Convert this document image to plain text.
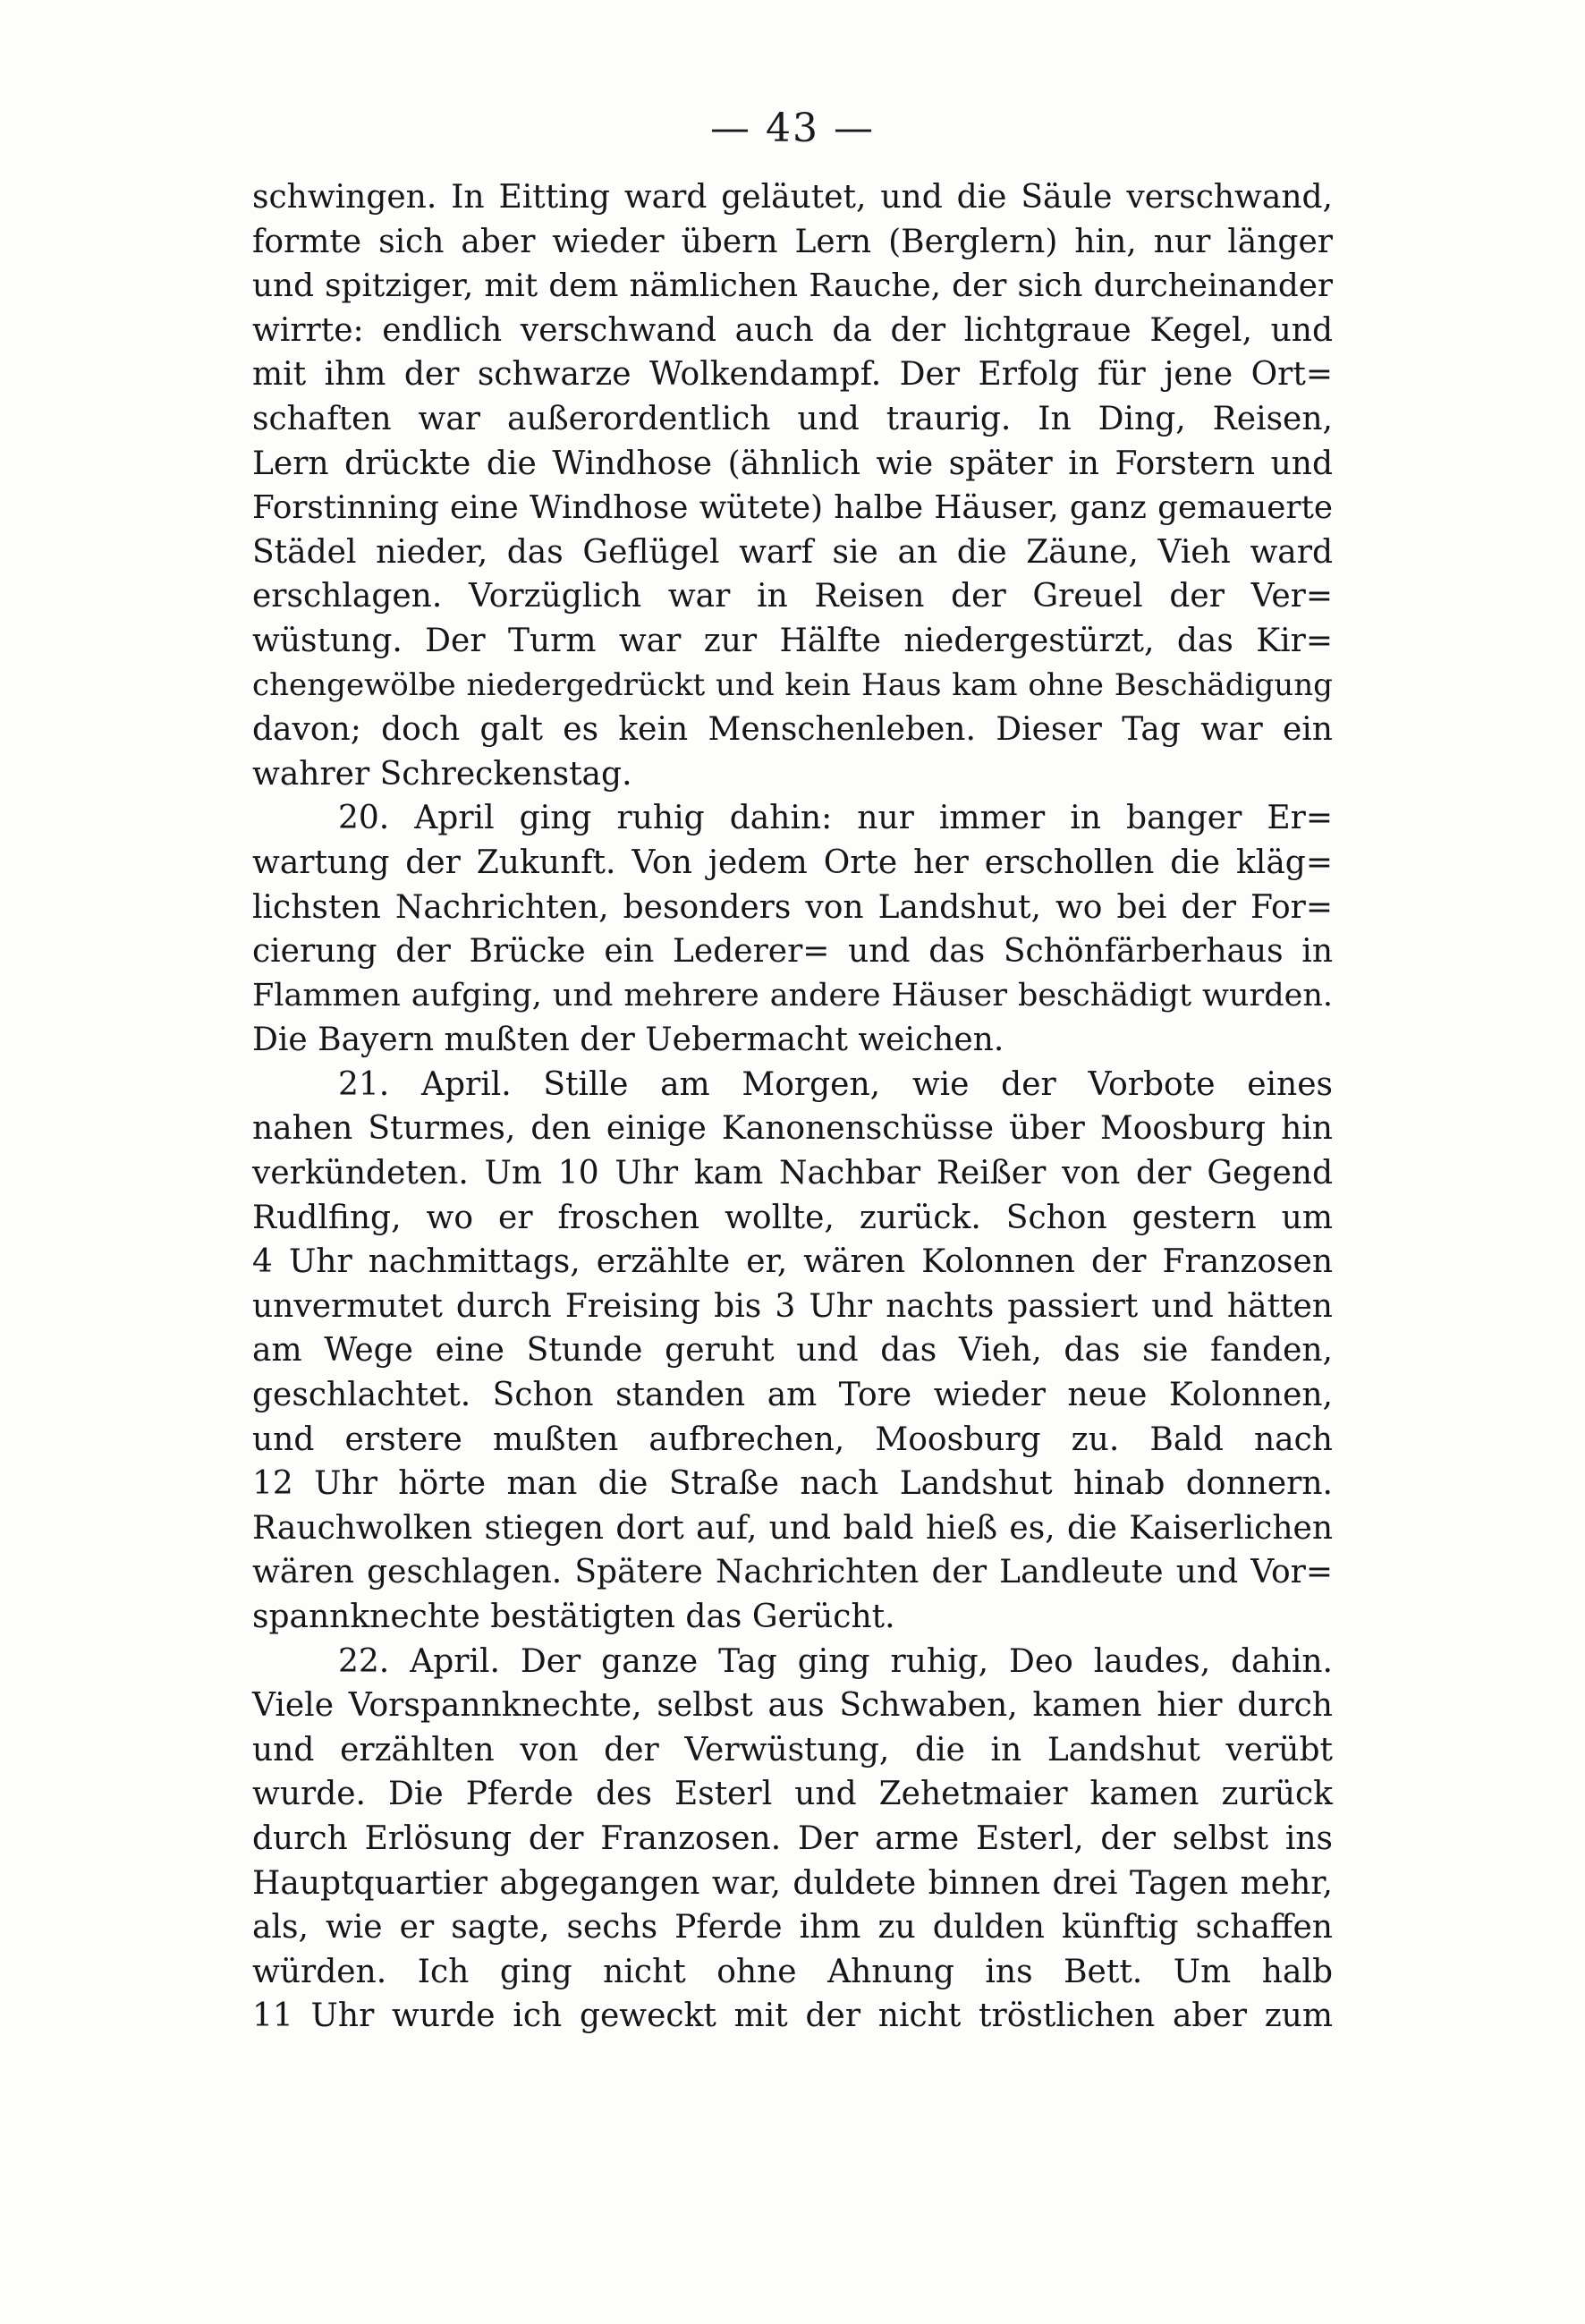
— 43 —
schwingen. In Eitting ward geläutet, und die Säule verschwand,
formte sich aber wieder übern Lern (Berglern) hin, nur länger
und spitziger, mit dem nämlichen Rauche, der sich durcheinander
wirrte: endlich verschwand auch da der lichtgraue Kegel, und
mit ihm der schwarze Wolkendampf. Der Erfolg für jene Ort=
schaften war außerordentlich und traurig. In Ding, Reisen,
Lern drückte die Windhose (ähnlich wie später in Forstern und
Forstinning eine Windhose wütete) halbe Häuser, ganz gemauerte
Städel nieder, das Geflügel warf sie an die Zäune, Vieh ward
erschlagen. Vorzüglich war in Reisen der Greuel der Ver=
wüstung. Der Turm war zur Hälfte niedergestürzt, das Kir=
chengewölbe niedergedrückt und kein Haus kam ohne Beschädigung
davon; doch galt es kein Menschenleben. Dieser Tag war ein
wahrer Schreckenstag.
20. April ging ruhig dahin: nur immer in banger Er=
wartung der Zukunft. Von jedem Orte her erschollen die kläg=
lichsten Nachrichten, besonders von Landshut, wo bei der For=
cierung der Brücke ein Lederer= und das Schönfärberhaus in
Flammen aufging, und mehrere andere Häuser beschädigt wurden.
Die Bayern mußten der Uebermacht weichen.
21. April. Stille am Morgen, wie der Vorbote eines
nahen Sturmes, den einige Kanonenschüsse über Moosburg hin
verkündeten. Um 10 Uhr kam Nachbar Reißer von der Gegend
Rudlfing, wo er froschen wollte, zurück. Schon gestern um
4 Uhr nachmittags, erzählte er, wären Kolonnen der Franzosen
unvermutet durch Freising bis 3 Uhr nachts passiert und hätten
am Wege eine Stunde geruht und das Vieh, das sie fanden,
geschlachtet. Schon standen am Tore wieder neue Kolonnen,
und erstere mußten aufbrechen, Moosburg zu. Bald nach
12 Uhr hörte man die Straße nach Landshut hinab donnern.
Rauchwolken stiegen dort auf, und bald hieß es, die Kaiserlichen
wären geschlagen. Spätere Nachrichten der Landleute und Vor=
spannknechte bestätigten das Gerücht.
22. April. Der ganze Tag ging ruhig, Deo laudes, dahin.
Viele Vorspannknechte, selbst aus Schwaben, kamen hier durch
und erzählten von der Verwüstung, die in Landshut verübt
wurde. Die Pferde des Esterl und Zehetmaier kamen zurück
durch Erlösung der Franzosen. Der arme Esterl, der selbst ins
Hauptquartier abgegangen war, duldete binnen drei Tagen mehr,
als, wie er sagte, sechs Pferde ihm zu dulden künftig schaffen
würden. Ich ging nicht ohne Ahnung ins Bett. Um halb
11 Uhr wurde ich geweckt mit der nicht tröstlichen aber zum
